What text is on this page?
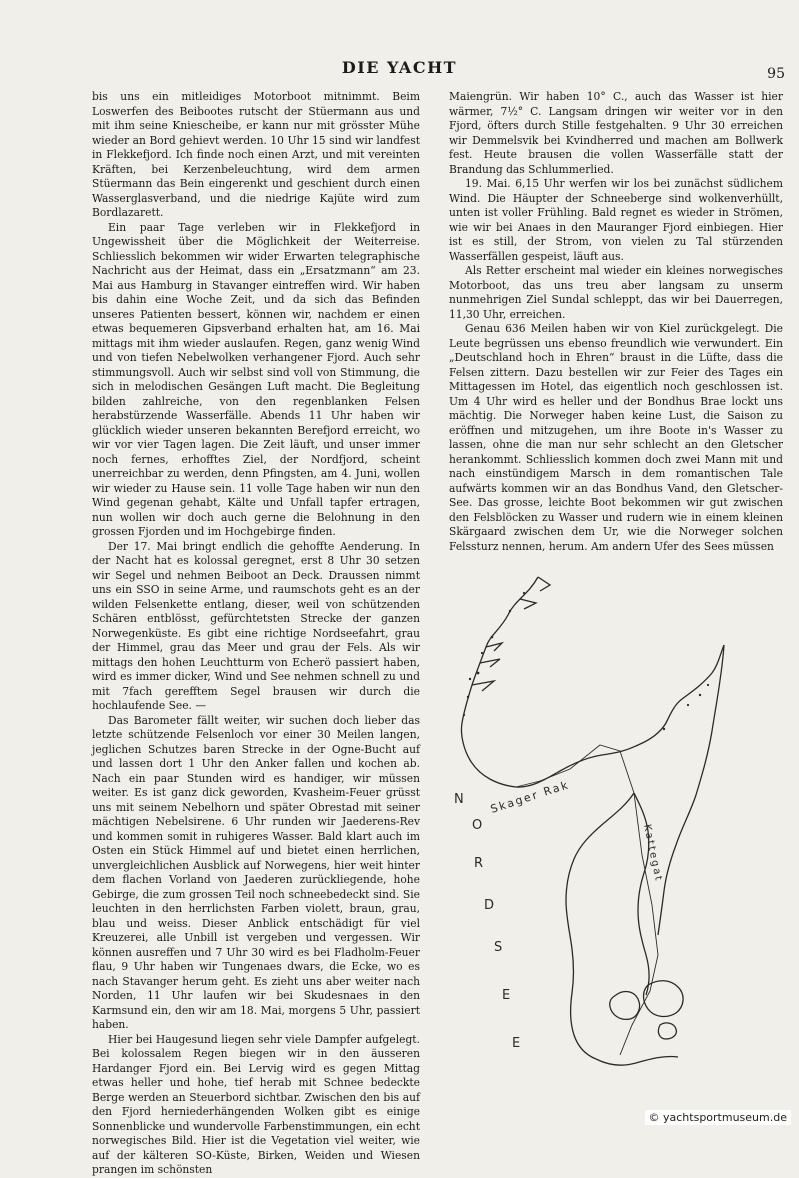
DIE YACHT	95

bis uns ein mitleidiges Motorboot mitnimmt. Beim Loswerfen des Beibootes rutscht der Stüermann aus und mit ihm seine Kniescheibe, er kann nur mit grösster Mühe wieder an Bord gehievt werden. 10 Uhr 15 sind wir landfest in Flekkefjord. Ich finde noch einen Arzt, und mit vereinten Kräften, bei Kerzenbeleuchtung, wird dem armen Stüermann das Bein eingerenkt und geschient durch einen Wasserglasverband, und die niedrige Kajüte wird zum Bordlazarett.

Ein paar Tage verleben wir in Flekkefjord in Ungewissheit über die Möglichkeit der Weiterreise. Schliesslich bekommen wir wider Erwarten telegraphische Nachricht aus der Heimat, dass ein „Ersatzmann“ am 23. Mai aus Hamburg in Stavanger eintreffen wird. Wir haben bis dahin eine Woche Zeit, und da sich das Befinden unseres Patienten bessert, können wir, nachdem er einen etwas bequemeren Gipsverband erhalten hat, am 16. Mai mittags mit ihm wieder auslaufen. Regen, ganz wenig Wind und von tiefen Nebelwolken verhangener Fjord. Auch sehr stimmungsvoll. Auch wir selbst sind voll von Stimmung, die sich in melodischen Gesängen Luft macht. Die Begleitung bilden zahlreiche, von den regenblanken Felsen herabstürzende Wasserfälle. Abends 11 Uhr haben wir glücklich wieder unseren bekannten Berefjord erreicht, wo wir vor vier Tagen lagen. Die Zeit läuft, und unser immer noch fernes, erhofftes Ziel, der Nordfjord, scheint unerreichbar zu werden, denn Pfingsten, am 4. Juni, wollen wir wieder zu Hause sein. 11 volle Tage haben wir nun den Wind gegenan gehabt, Kälte und Unfall tapfer ertragen, nun wollen wir doch auch gerne die Belohnung in den grossen Fjorden und im Hochgebirge finden.

Der 17. Mai bringt endlich die gehoffte Aenderung. In der Nacht hat es kolossal geregnet, erst 8 Uhr 30 setzen wir Segel und nehmen Beiboot an Deck. Draussen nimmt uns ein SSO in seine Arme, und raumschots geht es an der wilden Felsenkette entlang, dieser, weil von schützenden Schären entblösst, gefürchtetsten Strecke der ganzen Norwegenküste. Es gibt eine richtige Nordseefahrt, grau der Himmel, grau das Meer und grau der Fels. Als wir mittags den hohen Leuchtturm von Echerö passiert haben, wird es immer dicker, Wind und See nehmen schnell zu und mit 7fach gerefftem Segel brausen wir durch die hochlaufende See. —

Das Barometer fällt weiter, wir suchen doch lieber das letzte schützende Felsenloch vor einer 30 Meilen langen, jeglichen Schutzes baren Strecke in der Ogne-Bucht auf und lassen dort 1 Uhr den Anker fallen und kochen ab. Nach ein paar Stunden wird es handiger, wir müssen weiter. Es ist ganz dick geworden, Kvasheim-Feuer grüsst uns mit seinem Nebelhorn und später Obrestad mit seiner mächtigen Nebelsirene. 6 Uhr runden wir Jaederens-Rev und kommen somit in ruhigeres Wasser. Bald klart auch im Osten ein Stück Himmel auf und bietet einen herrlichen, unvergleichlichen Ausblick auf Norwegens, hier weit hinter dem flachen Vorland von Jaederen zurückliegende, hohe Gebirge, die zum grossen Teil noch schneebedeckt sind. Sie leuchten in den herrlichsten Farben violett, braun, grau, blau und weiss. Dieser Anblick entschädigt für viel Kreuzerei, alle Unbill ist vergeben und vergessen. Wir können ausreffen und 7 Uhr 30 wird es bei Fladholm-Feuer flau, 9 Uhr haben wir Tungenaes dwars, die Ecke, wo es nach Stavanger herum geht. Es zieht uns aber weiter nach Norden, 11 Uhr laufen wir bei Skudesnaes in den Karmsund ein, den wir am 18. Mai, morgens 5 Uhr, passiert haben.

Hier bei Haugesund liegen sehr viele Dampfer aufgelegt. Bei kolossalem Regen biegen wir in den äusseren Hardanger Fjord ein. Bei Lervig wird es gegen Mittag etwas heller und hohe, tief herab mit Schnee bedeckte Berge werden an Steuerbord sichtbar. Zwischen den bis auf den Fjord herniederhängenden Wolken gibt es einige Sonnenblicke und wundervolle Farbenstimmungen, ein echt norwegisches Bild. Hier ist die Vegetation viel weiter, wie auf der kälteren SO-Küste, Birken, Weiden und Wiesen prangen im schönsten

Maiengrün. Wir haben 10° C., auch das Wasser ist hier wärmer, 7½° C. Langsam dringen wir weiter vor in den Fjord, öfters durch Stille festgehalten. 9 Uhr 30 erreichen wir Demmelsvik bei Kvindherred und machen am Bollwerk fest. Heute brausen die vollen Wasserfälle statt der Brandung das Schlummerlied.

19. Mai. 6,15 Uhr werfen wir los bei zunächst südlichem Wind. Die Häupter der Schneeberge sind wolkenverhüllt, unten ist voller Frühling. Bald regnet es wieder in Strömen, wie wir bei Anaes in den Mauranger Fjord einbiegen. Hier ist es still, der Strom, von vielen zu Tal stürzenden Wasserfällen gespeist, läuft aus.

Als Retter erscheint mal wieder ein kleines norwegisches Motorboot, das uns treu aber langsam zu unserm nunmehrigen Ziel Sundal schleppt, das wir bei Dauerregen, 11,30 Uhr, erreichen.

Genau 636 Meilen haben wir von Kiel zurückgelegt. Die Leute begrüssen uns ebenso freundlich wie verwundert. Ein „Deutschland hoch in Ehren“ braust in die Lüfte, dass die Felsen zittern. Dazu bestellen wir zur Feier des Tages ein Mittagessen im Hotel, das eigentlich noch geschlossen ist. Um 4 Uhr wird es heller und der Bondhus Brae lockt uns mächtig. Die Norweger haben keine Lust, die Saison zu eröffnen und mitzugehen, um ihre Boote in's Wasser zu lassen, ohne die man nur sehr schlecht an den Gletscher herankommt. Schliesslich kommen doch zwei Mann mit und nach einstündigem Marsch in dem romantischen Tale aufwärts kommen wir an das Bondhus Vand, den Gletscher-See. Das grosse, leichte Boot bekommen wir gut zwischen den Felsblöcken zu Wasser und rudern wie in einem kleinen Skärgaard zwischen dem Ur, wie die Norweger solchen Felssturz nennen, herum. Am andern Ufer des Sees müssen

N
O
R
D
S
E
E
Skager Rak
Kattegat
© yachtsportmuseum.de
